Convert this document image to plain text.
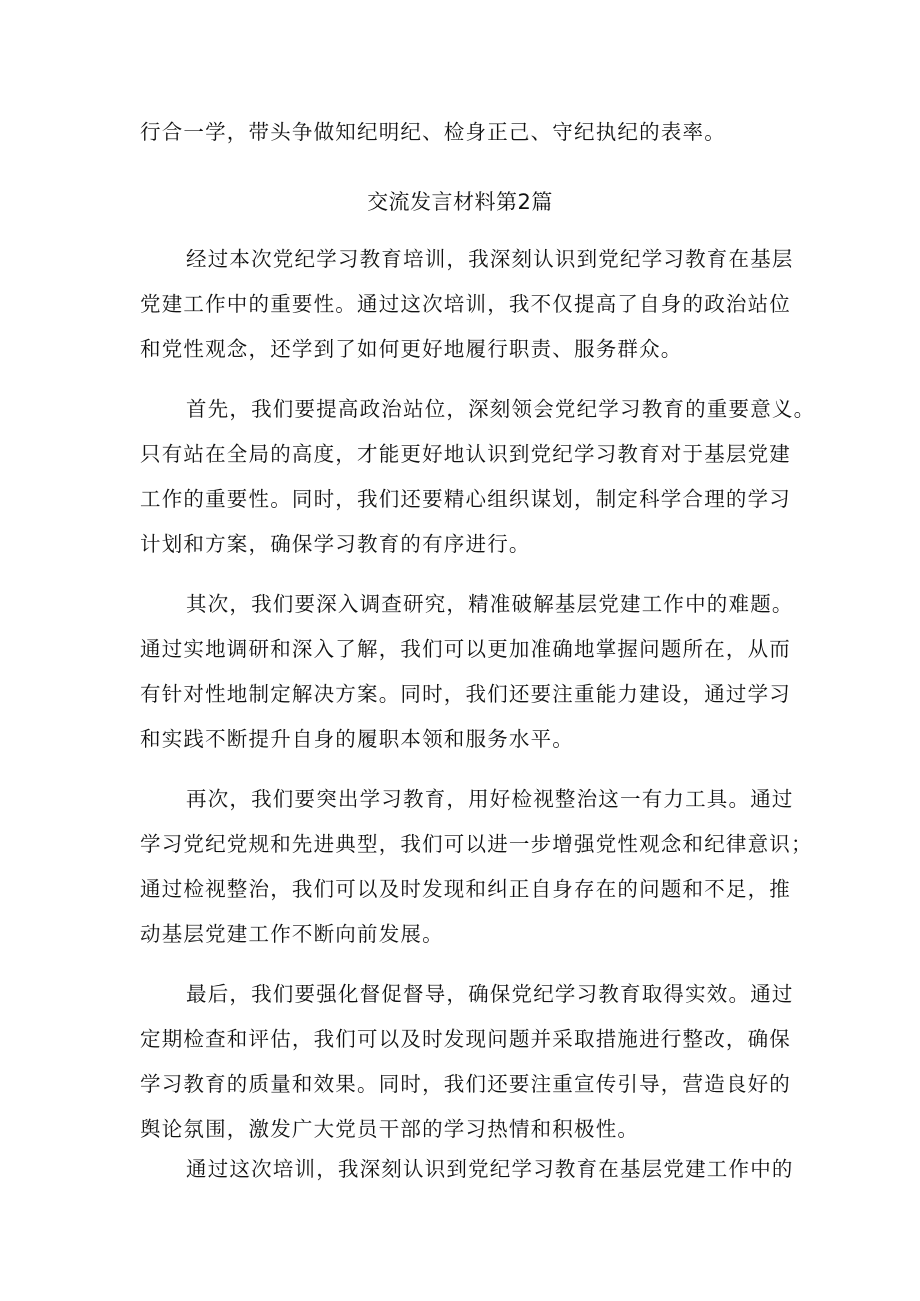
行合一学，带头争做知纪明纪、检身正己、守纪执纪的表率。
交流发言材料第2篇
经过本次党纪学习教育培训，我深刻认识到党纪学习教育在基层
党建工作中的重要性。通过这次培训，我不仅提高了自身的政治站位
和党性观念，还学到了如何更好地履行职责、服务群众。
首先，我们要提高政治站位，深刻领会党纪学习教育的重要意义。
只有站在全局的高度，才能更好地认识到党纪学习教育对于基层党建
工作的重要性。同时，我们还要精心组织谋划，制定科学合理的学习
计划和方案，确保学习教育的有序进行。
其次，我们要深入调查研究，精准破解基层党建工作中的难题。
通过实地调研和深入了解，我们可以更加准确地掌握问题所在，从而
有针对性地制定解决方案。同时，我们还要注重能力建设，通过学习
和实践不断提升自身的履职本领和服务水平。
再次，我们要突出学习教育，用好检视整治这一有力工具。通过
学习党纪党规和先进典型，我们可以进一步增强党性观念和纪律意识；
通过检视整治，我们可以及时发现和纠正自身存在的问题和不足，推
动基层党建工作不断向前发展。
最后，我们要强化督促督导，确保党纪学习教育取得实效。通过
定期检查和评估，我们可以及时发现问题并采取措施进行整改，确保
学习教育的质量和效果。同时，我们还要注重宣传引导，营造良好的
舆论氛围，激发广大党员干部的学习热情和积极性。
通过这次培训，我深刻认识到党纪学习教育在基层党建工作中的
